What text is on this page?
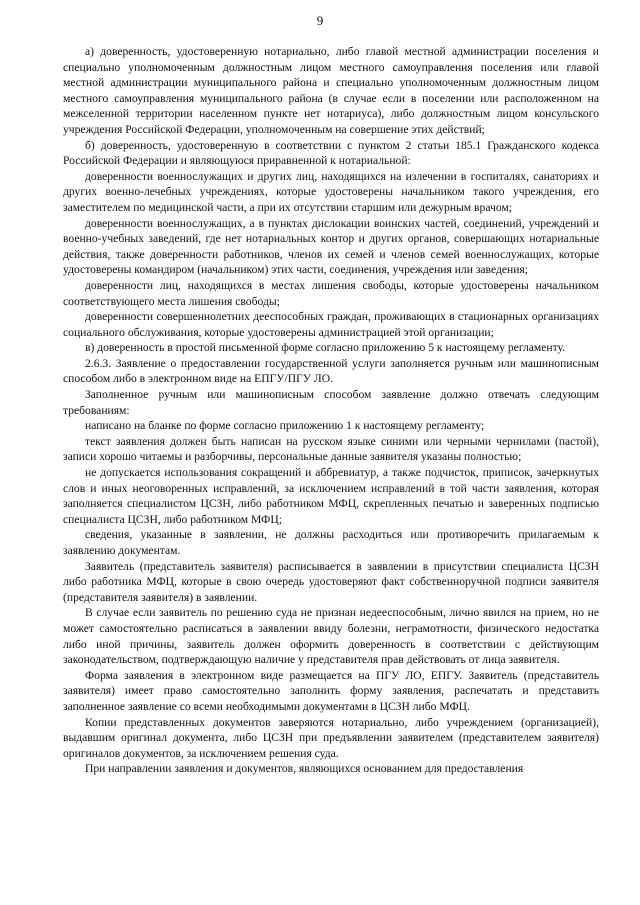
9

а) доверенность, удостоверенную нотариально, либо главой местной администрации поселения и специально уполномоченным должностным лицом местного самоуправления поселения или главой местной администрации муниципального района и специально уполномоченным должностным лицом местного самоуправления муниципального района (в случае если в поселении или расположенном на межселенной территории населенном пункте нет нотариуса), либо должностным лицом консульского учреждения Российской Федерации, уполномоченным на совершение этих действий;

б) доверенность, удостоверенную в соответствии с пунктом 2 статьи 185.1 Гражданского кодекса Российской Федерации и являющуюся приравненной к нотариальной:

доверенности военнослужащих и других лиц, находящихся на излечении в госпиталях, санаториях и других военно-лечебных учреждениях, которые удостоверены начальником такого учреждения, его заместителем по медицинской части, а при их отсутствии старшим или дежурным врачом;

доверенности военнослужащих, а в пунктах дислокации воинских частей, соединений, учреждений и военно-учебных заведений, где нет нотариальных контор и других органов, совершающих нотариальные действия, также доверенности работников, членов их семей и членов семей военнослужащих, которые удостоверены командиром (начальником) этих части, соединения, учреждения или заведения;

доверенности лиц, находящихся в местах лишения свободы, которые удостоверены начальником соответствующего места лишения свободы;

доверенности совершеннолетних дееспособных граждан, проживающих в стационарных организациях социального обслуживания, которые удостоверены администрацией этой организации;

в) доверенность в простой письменной форме согласно приложению 5 к настоящему регламенту.

2.6.3. Заявление о предоставлении государственной услуги заполняется ручным или машинописным способом либо в электронном виде на ЕПГУ/ПГУ ЛО.

Заполненное ручным или машинописным способом заявление должно отвечать следующим требованиям:

написано на бланке по форме согласно приложению 1 к настоящему регламенту;

текст заявления должен быть написан на русском языке синими или черными чернилами (пастой), записи хорошо читаемы и разборчивы, персональные данные заявителя указаны полностью;

не допускается использования сокращений и аббревиатур, а также подчисток, приписок, зачеркнутых слов и иных неоговоренных исправлений, за исключением исправлений в той части заявления, которая заполняется специалистом ЦСЗН, либо работником МФЦ, скрепленных печатью и заверенных подписью специалиста ЦСЗН, либо работником МФЦ;

сведения, указанные в заявлении, не должны расходиться или противоречить прилагаемым к заявлению документам.

Заявитель (представитель заявителя) расписывается в заявлении в присутствии специалиста ЦСЗН либо работника МФЦ, которые в свою очередь удостоверяют факт собственноручной подписи заявителя (представителя заявителя) в заявлении.

В случае если заявитель по решению суда не признан недееспособным, лично явился на прием, но не может самостоятельно расписаться в заявлении ввиду болезни, неграмотности, физического недостатка либо иной причины, заявитель должен оформить доверенность в соответствии с действующим законодательством, подтверждающую наличие у представителя прав действовать от лица заявителя.

Форма заявления в электронном виде размещается на ПГУ ЛО, ЕПГУ. Заявитель (представитель заявителя) имеет право самостоятельно заполнить форму заявления, распечатать и представить заполненное заявление со всеми необходимыми документами в ЦСЗН либо МФЦ.

Копии представленных документов заверяются нотариально, либо учреждением (организацией), выдавшим оригинал документа, либо ЦСЗН при предъявлении заявителем (представителем заявителя) оригиналов документов, за исключением решения суда.

При направлении заявления и документов, являющихся основанием для предоставления
